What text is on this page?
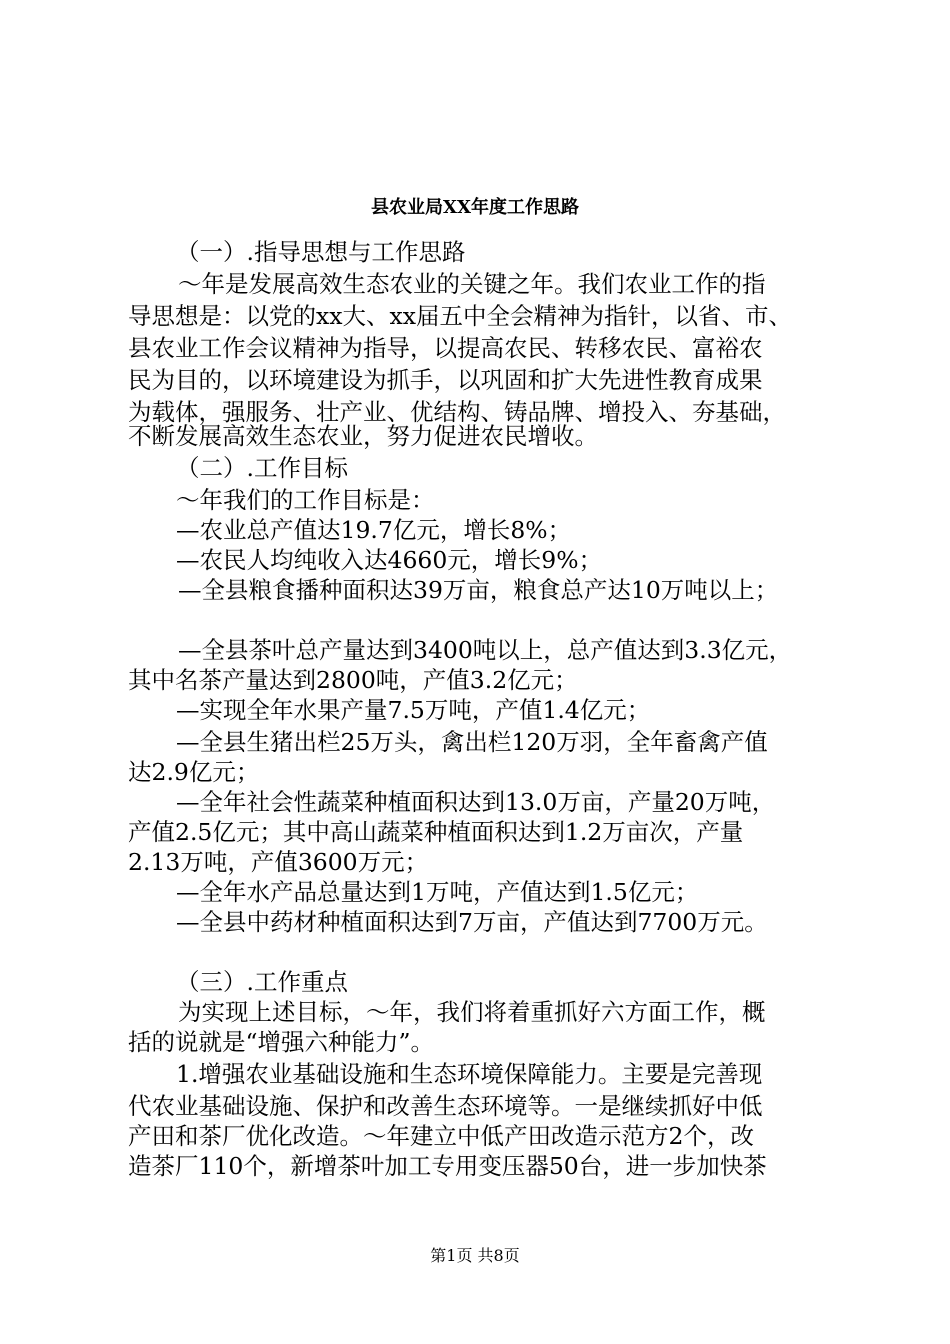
县农业局XX年度工作思路
（一）.指导思想与工作思路
～年是发展高效生态农业的关键之年。我们农业工作的指
导思想是：以党的xx大、xx届五中全会精神为指针，以省、市、
县农业工作会议精神为指导，以提高农民、转移农民、富裕农
民为目的，以环境建设为抓手，以巩固和扩大先进性教育成果
为载体，强服务、壮产业、优结构、铸品牌、增投入、夯基础，
不断发展高效生态农业，努力促进农民增收。
（二）.工作目标
～年我们的工作目标是：
—农业总产值达19.7亿元，增长8%；
—农民人均纯收入达4660元，增长9%；
—全县粮食播种面积达39万亩，粮食总产达10万吨以上；
—全县茶叶总产量达到3400吨以上，总产值达到3.3亿元，
其中名茶产量达到2800吨，产值3.2亿元；
—实现全年水果产量7.5万吨，产值1.4亿元；
—全县生猪出栏25万头，禽出栏120万羽，全年畜禽产值
达2.9亿元；
—全年社会性蔬菜种植面积达到13.0万亩，产量20万吨，
产值2.5亿元；其中高山蔬菜种植面积达到1.2万亩次，产量
2.13万吨，产值3600万元；
—全年水产品总量达到1万吨，产值达到1.5亿元；
—全县中药材种植面积达到7万亩，产值达到7700万元。
（三）.工作重点
为实现上述目标，～年，我们将着重抓好六方面工作，概
括的说就是“增强六种能力”。
1.增强农业基础设施和生态环境保障能力。主要是完善现
代农业基础设施、保护和改善生态环境等。一是继续抓好中低
产田和茶厂优化改造。～年建立中低产田改造示范方2个，改
造茶厂110个，新增茶叶加工专用变压器50台，进一步加快茶
第1页 共8页
